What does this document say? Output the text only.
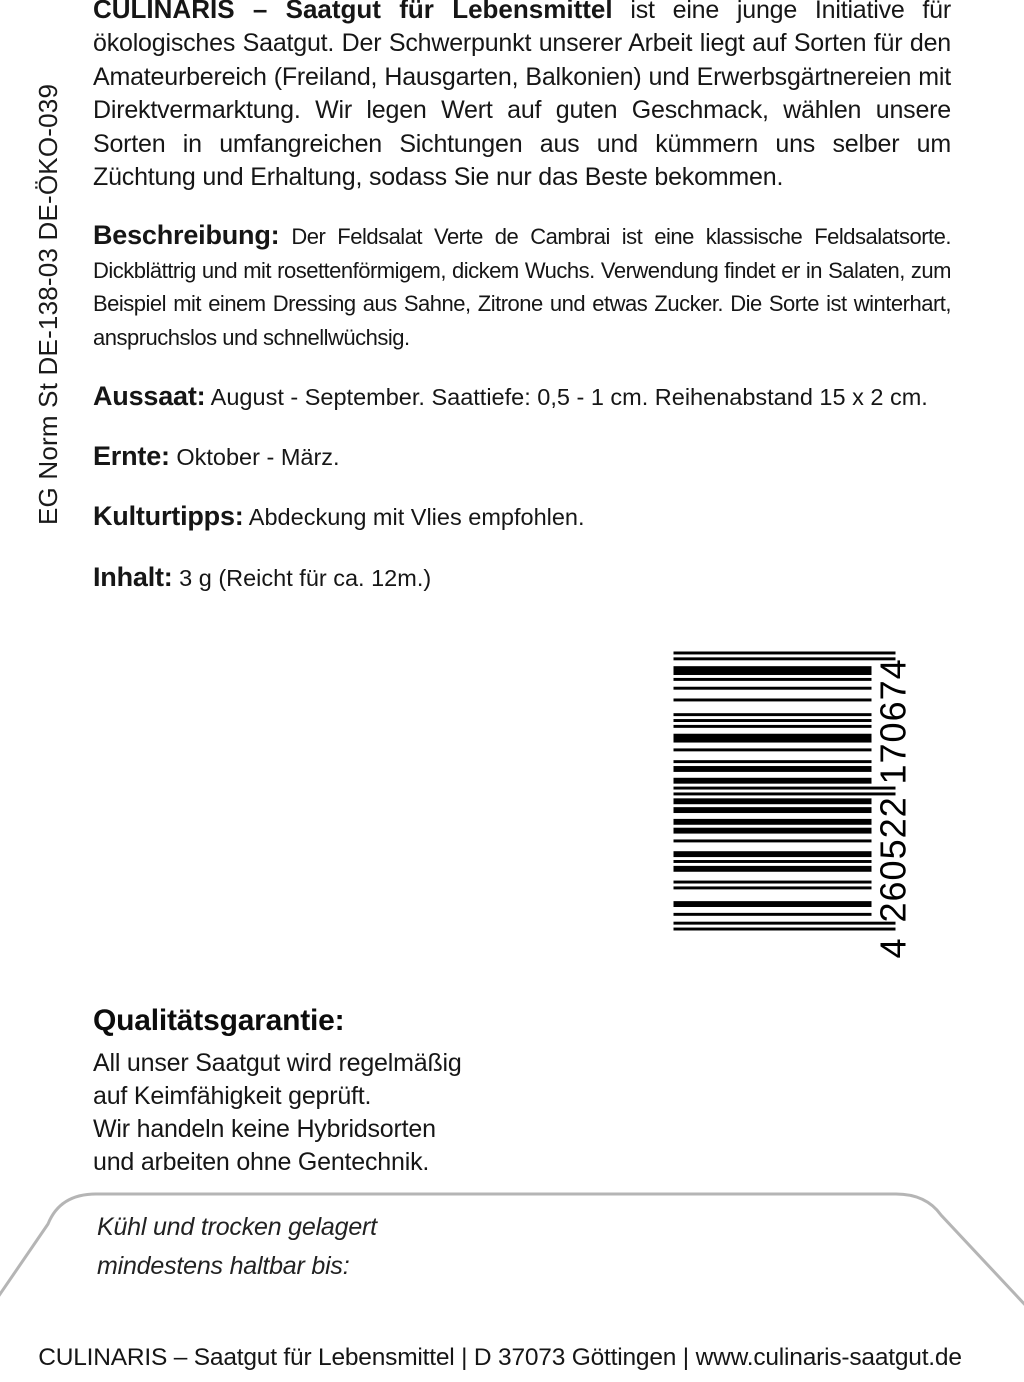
EG Norm St DE-138-03 DE-ÖKO-039
CULINARIS – Saatgut für Lebensmittel ist eine junge Initiative für ökologisches Saatgut. Der Schwerpunkt unserer Arbeit liegt auf Sorten für den Amateurbereich (Freiland, Hausgarten, Balkonien) und Erwerbsgärtnereien mit Direktvermarktung. Wir legen Wert auf guten Geschmack, wählen unsere Sorten in umfangreichen Sichtungen aus und kümmern uns selber um Züchtung und Erhaltung, sodass Sie nur das Beste bekommen.
Beschreibung: Der Feldsalat Verte de Cambrai ist eine klassische Feldsalatsorte. Dickblättrig und mit rosettenförmigem, dickem Wuchs. Verwendung findet er in Salaten, zum Beispiel mit einem Dressing aus Sahne, Zitrone und etwas Zucker. Die Sorte ist winterhart, anspruchslos und schnellwüchsig.
Aussaat: August - September. Saattiefe: 0,5 - 1 cm. Reihenabstand 15 x 2 cm.
Ernte: Oktober - März.
Kulturtipps: Abdeckung mit Vlies empfohlen.
Inhalt: 3 g (Reicht für ca. 12m.)
4
260522
170674
Qualitätsgarantie:
All unser Saatgut wird regelmäßig
auf Keimfähigkeit geprüft.
Wir handeln keine Hybridsorten
und arbeiten ohne Gentechnik.
Kühl und trocken gelagert
mindestens haltbar bis:
CULINARIS – Saatgut für Lebensmittel | D 37073 Göttingen | www.culinaris-saatgut.de
